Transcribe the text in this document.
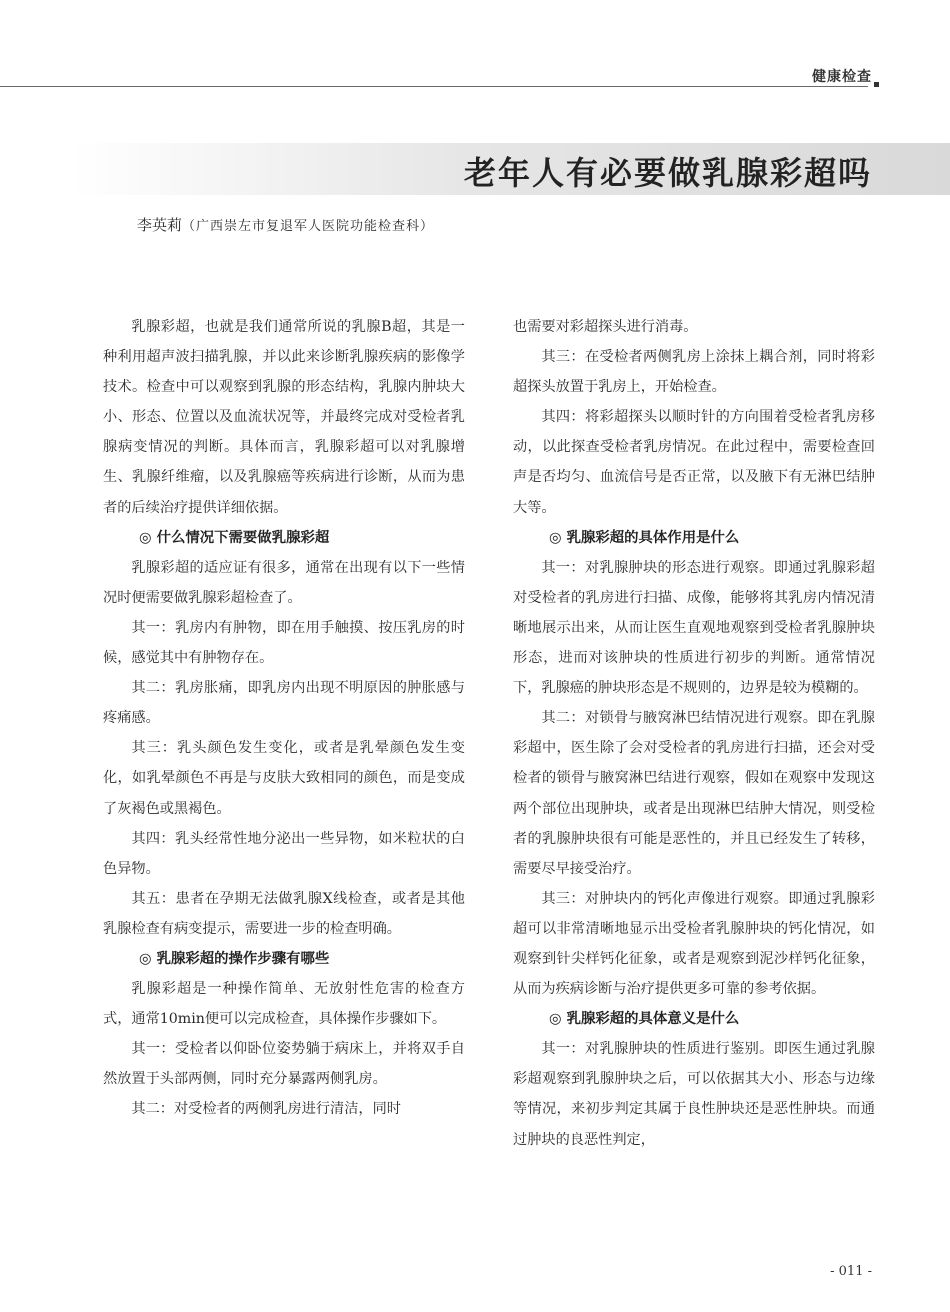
健康检查
老年人有必要做乳腺彩超吗
李英莉（广西崇左市复退军人医院功能检查科）

乳腺彩超，也就是我们通常所说的乳腺B超，其是一种利用超声波扫描乳腺，并以此来诊断乳腺疾病的影像学技术。检查中可以观察到乳腺的形态结构，乳腺内肿块大小、形态、位置以及血流状况等，并最终完成对受检者乳腺病变情况的判断。具体而言，乳腺彩超可以对乳腺增生、乳腺纤维瘤，以及乳腺癌等疾病进行诊断，从而为患者的后续治疗提供详细依据。

◎ 什么情况下需要做乳腺彩超

乳腺彩超的适应证有很多，通常在出现有以下一些情况时便需要做乳腺彩超检查了。

其一：乳房内有肿物，即在用手触摸、按压乳房的时候，感觉其中有肿物存在。

其二：乳房胀痛，即乳房内出现不明原因的肿胀感与疼痛感。

其三：乳头颜色发生变化，或者是乳晕颜色发生变化，如乳晕颜色不再是与皮肤大致相同的颜色，而是变成了灰褐色或黑褐色。

其四：乳头经常性地分泌出一些异物，如米粒状的白色异物。

其五：患者在孕期无法做乳腺X线检查，或者是其他乳腺检查有病变提示，需要进一步的检查明确。

◎ 乳腺彩超的操作步骤有哪些

乳腺彩超是一种操作简单、无放射性危害的检查方式，通常10min便可以完成检查，具体操作步骤如下。

其一：受检者以仰卧位姿势躺于病床上，并将双手自然放置于头部两侧，同时充分暴露两侧乳房。

其二：对受检者的两侧乳房进行清洁，同时

也需要对彩超探头进行消毒。

其三：在受检者两侧乳房上涂抹上耦合剂，同时将彩超探头放置于乳房上，开始检查。

其四：将彩超探头以顺时针的方向围着受检者乳房移动，以此探查受检者乳房情况。在此过程中，需要检查回声是否均匀、血流信号是否正常，以及腋下有无淋巴结肿大等。

◎ 乳腺彩超的具体作用是什么

其一：对乳腺肿块的形态进行观察。即通过乳腺彩超对受检者的乳房进行扫描、成像，能够将其乳房内情况清晰地展示出来，从而让医生直观地观察到受检者乳腺肿块形态，进而对该肿块的性质进行初步的判断。通常情况下，乳腺癌的肿块形态是不规则的，边界是较为模糊的。

其二：对锁骨与腋窝淋巴结情况进行观察。即在乳腺彩超中，医生除了会对受检者的乳房进行扫描，还会对受检者的锁骨与腋窝淋巴结进行观察，假如在观察中发现这两个部位出现肿块，或者是出现淋巴结肿大情况，则受检者的乳腺肿块很有可能是恶性的，并且已经发生了转移，需要尽早接受治疗。

其三：对肿块内的钙化声像进行观察。即通过乳腺彩超可以非常清晰地显示出受检者乳腺肿块的钙化情况，如观察到针尖样钙化征象，或者是观察到泥沙样钙化征象，从而为疾病诊断与治疗提供更多可靠的参考依据。

◎ 乳腺彩超的具体意义是什么

其一：对乳腺肿块的性质进行鉴别。即医生通过乳腺彩超观察到乳腺肿块之后，可以依据其大小、形态与边缘等情况，来初步判定其属于良性肿块还是恶性肿块。而通过肿块的良恶性判定，

- 011 -
